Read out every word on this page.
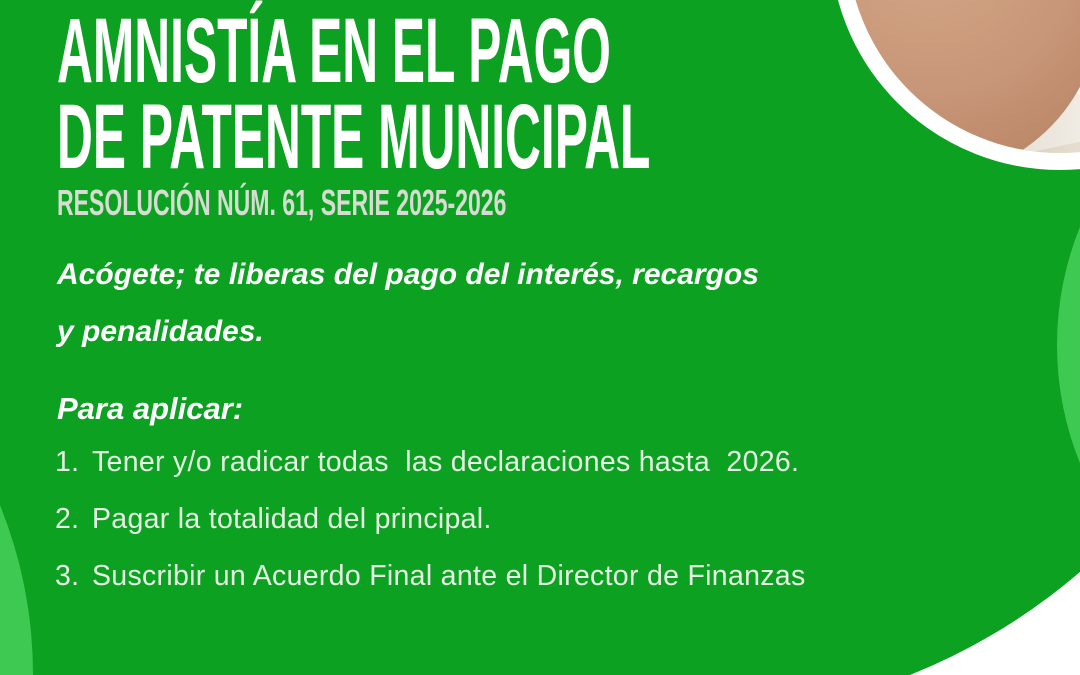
AMNISTÍA EN EL PAGO
DE PATENTE MUNICIPAL
RESOLUCIÓN NÚM. 61, SERIE 2025-2026

Acógete; te liberas del pago del interés, recargos
y penalidades.

Para aplicar:

1. Tener y/o radicar todas  las declaraciones hasta  2026.
2. Pagar la totalidad del principal.
3. Suscribir un Acuerdo Final ante el Director de Finanzas
